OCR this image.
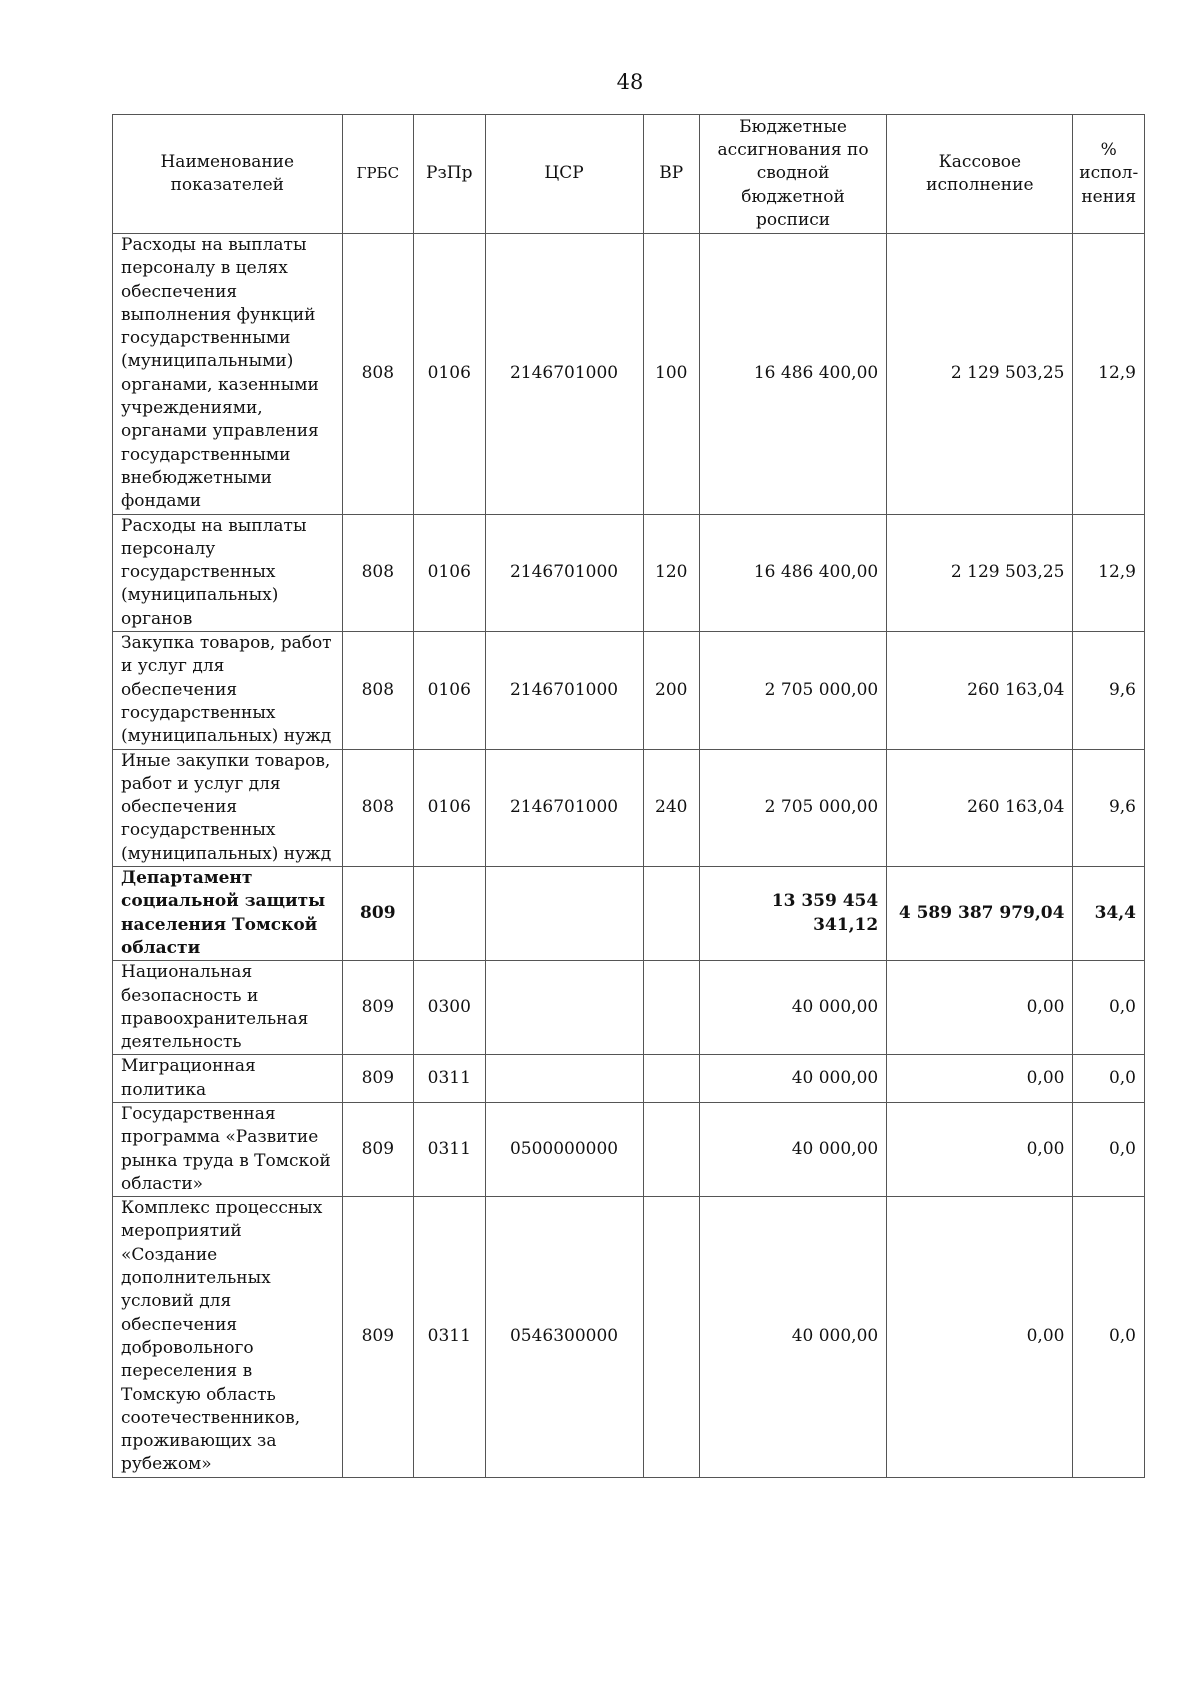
48
Наименование показателей	ГРБС	РзПр	ЦСР	ВР	Бюджетные ассигнования по сводной бюджетной росписи	Кассовое исполнение	% испол-нения
Расходы на выплаты персоналу в целях обеспечения выполнения функций государственными (муниципальными) органами, казенными учреждениями, органами управления государственными внебюджетными фондами	808	0106	2146701000	100	16 486 400,00	2 129 503,25	12,9
Расходы на выплаты персоналу государственных (муниципальных) органов	808	0106	2146701000	120	16 486 400,00	2 129 503,25	12,9
Закупка товаров, работ и услуг для обеспечения государственных (муниципальных) нужд	808	0106	2146701000	200	2 705 000,00	260 163,04	9,6
Иные закупки товаров, работ и услуг для обеспечения государственных (муниципальных) нужд	808	0106	2146701000	240	2 705 000,00	260 163,04	9,6
Департамент социальной защиты населения Томской области	809				13 359 454 341,12	4 589 387 979,04	34,4
Национальная безопасность и правоохранительная деятельность	809	0300			40 000,00	0,00	0,0
Миграционная политика	809	0311			40 000,00	0,00	0,0
Государственная программа «Развитие рынка труда в Томской области»	809	0311	0500000000		40 000,00	0,00	0,0
Комплекс процессных мероприятий «Создание дополнительных условий для обеспечения добровольного переселения в Томскую область соотечественников, проживающих за рубежом»	809	0311	0546300000		40 000,00	0,00	0,0
